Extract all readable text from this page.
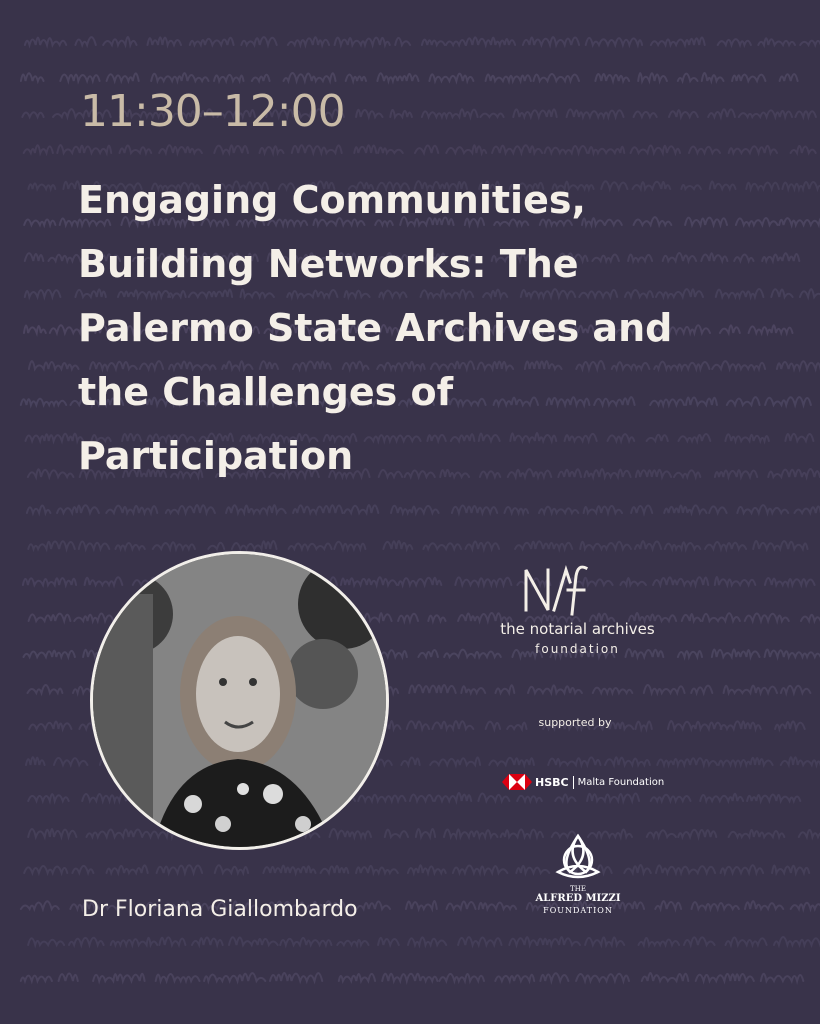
11:30–12:00
Engaging Communities, Building Networks: The Palermo State Archives and the Challenges of Participation
Dr Floriana Giallombardo
the notarial archives
foundation
supported by
HSBC Malta Foundation
THE
ALFRED MIZZI
FOUNDATION
